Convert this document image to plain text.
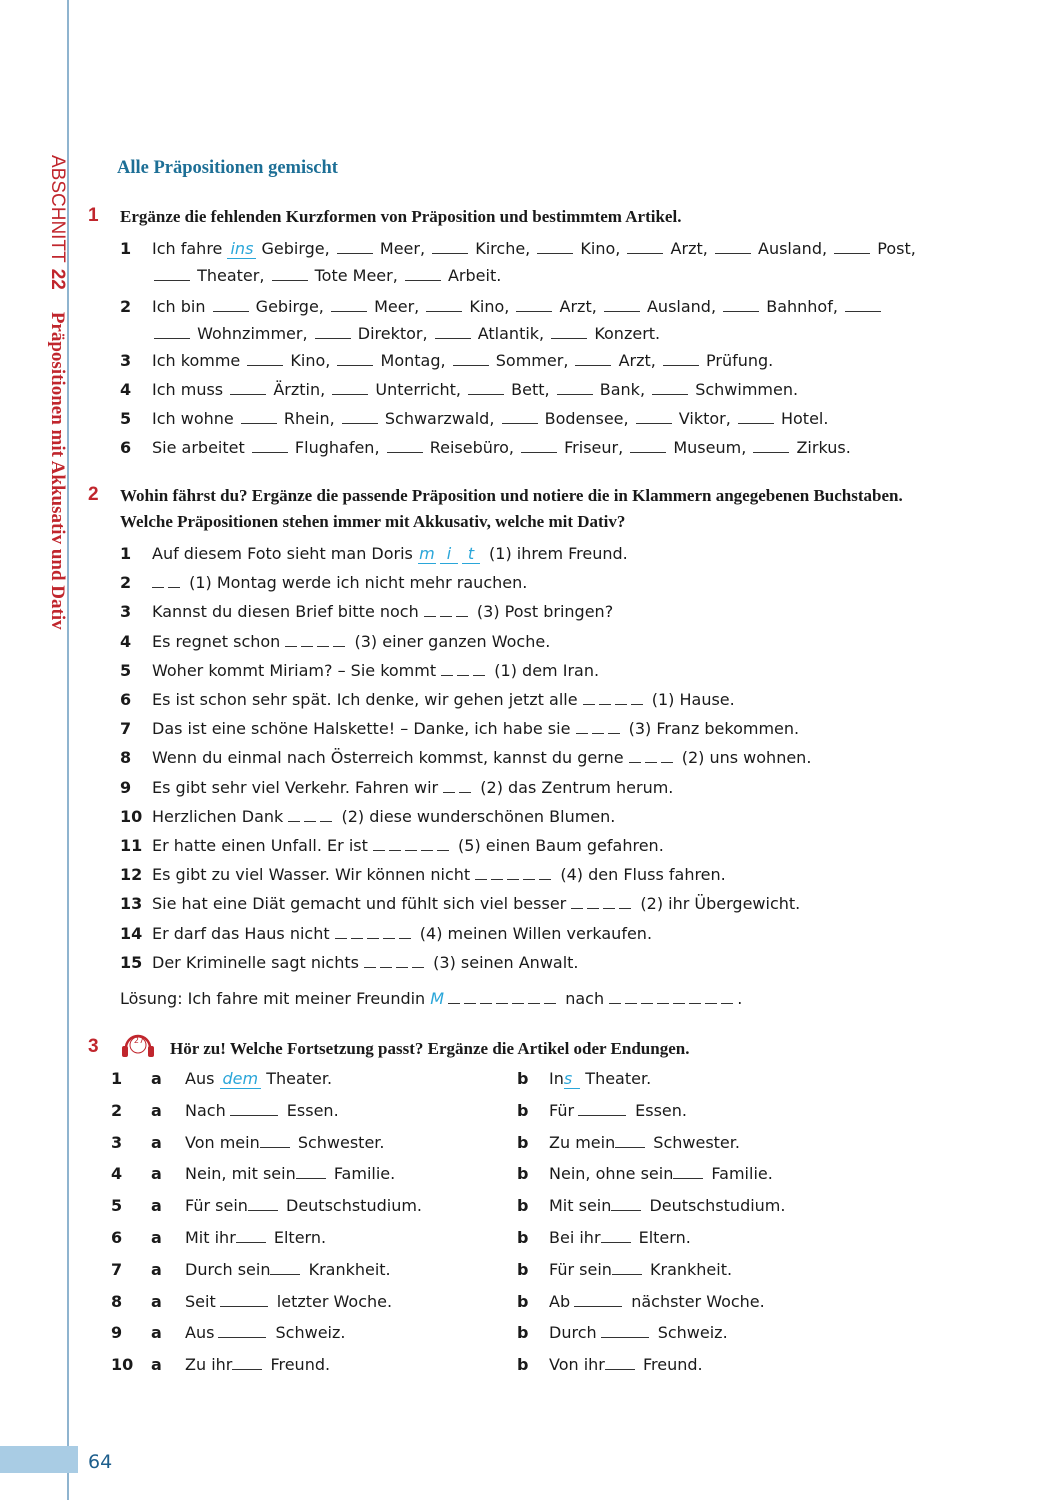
64
ABSCHNITT22Präpositionen mit Akkusativ und Dativ
Alle Präpositionen gemischt
1 Ergänze die fehlenden Kurzformen von Präposition und bestimmtem Artikel.
1	Ich fahre ins Gebirge,	Meer,	Kirche,	Kino,	Arzt,	Ausland,	Post,
Theater,	Tote Meer,	Arbeit.
2	Ich bin	Gebirge,	Meer,	Kino,	Arzt,	Ausland,	Bahnhof,
Wohnzimmer,	Direktor,	Atlantik,	Konzert.
3	Ich komme	Kino,	Montag,	Sommer,	Arzt,	Prüfung.
4	Ich muss	Ärztin,	Unterricht,	Bett,	Bank,	Schwimmen.
5	Ich wohne	Rhein,	Schwarzwald,	Bodensee,	Viktor,	Hotel.
6	Sie arbeitet	Flughafen,	Reisebüro,	Friseur,	Museum,	Zirkus.
2 Wohin fährst du? Ergänze die passende Präposition und notiere die in Klammern angegebenen Buchstaben. Welche Präpositionen stehen immer mit Akkusativ, welche mit Dativ?
1	Auf diesem Foto sieht man Doris m i t (1) ihrem Freund.
2	(1) Montag werde ich nicht mehr rauchen.
3	Kannst du diesen Brief bitte noch	(3) Post bringen?
4	Es regnet schon	(3) einer ganzen Woche.
5	Woher kommt Miriam? – Sie kommt	(1) dem Iran.
6	Es ist schon sehr spät. Ich denke, wir gehen jetzt alle	(1) Hause.
7	Das ist eine schöne Halskette! – Danke, ich habe sie	(3) Franz bekommen.
8	Wenn du einmal nach Österreich kommst, kannst du gerne	(2) uns wohnen.
9	Es gibt sehr viel Verkehr. Fahren wir  (2) das Zentrum herum.
10 Herzlichen Dank	(2) diese wunderschönen Blumen.
11 Er hatte einen Unfall. Er ist	(5) einen Baum gefahren.
12 Es gibt zu viel Wasser. Wir können nicht	(4) den Fluss fahren.
13 Sie hat eine Diät gemacht und fühlt sich viel besser	(2) ihr Übergewicht.
14 Er darf das Haus nicht	(4) meinen Willen verkaufen.
15 Der Kriminelle sagt nichts	(3) seinen Anwalt.
Lösung: Ich fahre mit meiner Freundin M	nach	.
3	27 Hör zu! Welche Fortsetzung passt? Ergänze die Artikel oder Endungen.
1	a Aus dem Theater.	b Ins Theater.
2	a Nach	Essen.	b Für	Essen.
3	a Von mein Schwester.	b Zu mein Schwester.
4	a Nein, mit sein Familie.	b Nein, ohne sein Familie.
5	a Für sein Deutschstudium.	b Mit sein Deutschstudium.
6	a Mit ihr Eltern.	b Bei ihr Eltern.
7	a Durch sein Krankheit.	b Für sein Krankheit.
8	a Seit	letzter Woche.	b Ab	nächster Woche.
9	a Aus	Schweiz.	b Durch	Schweiz.
10 a Zu ihr Freund.	b Von ihr Freund.
